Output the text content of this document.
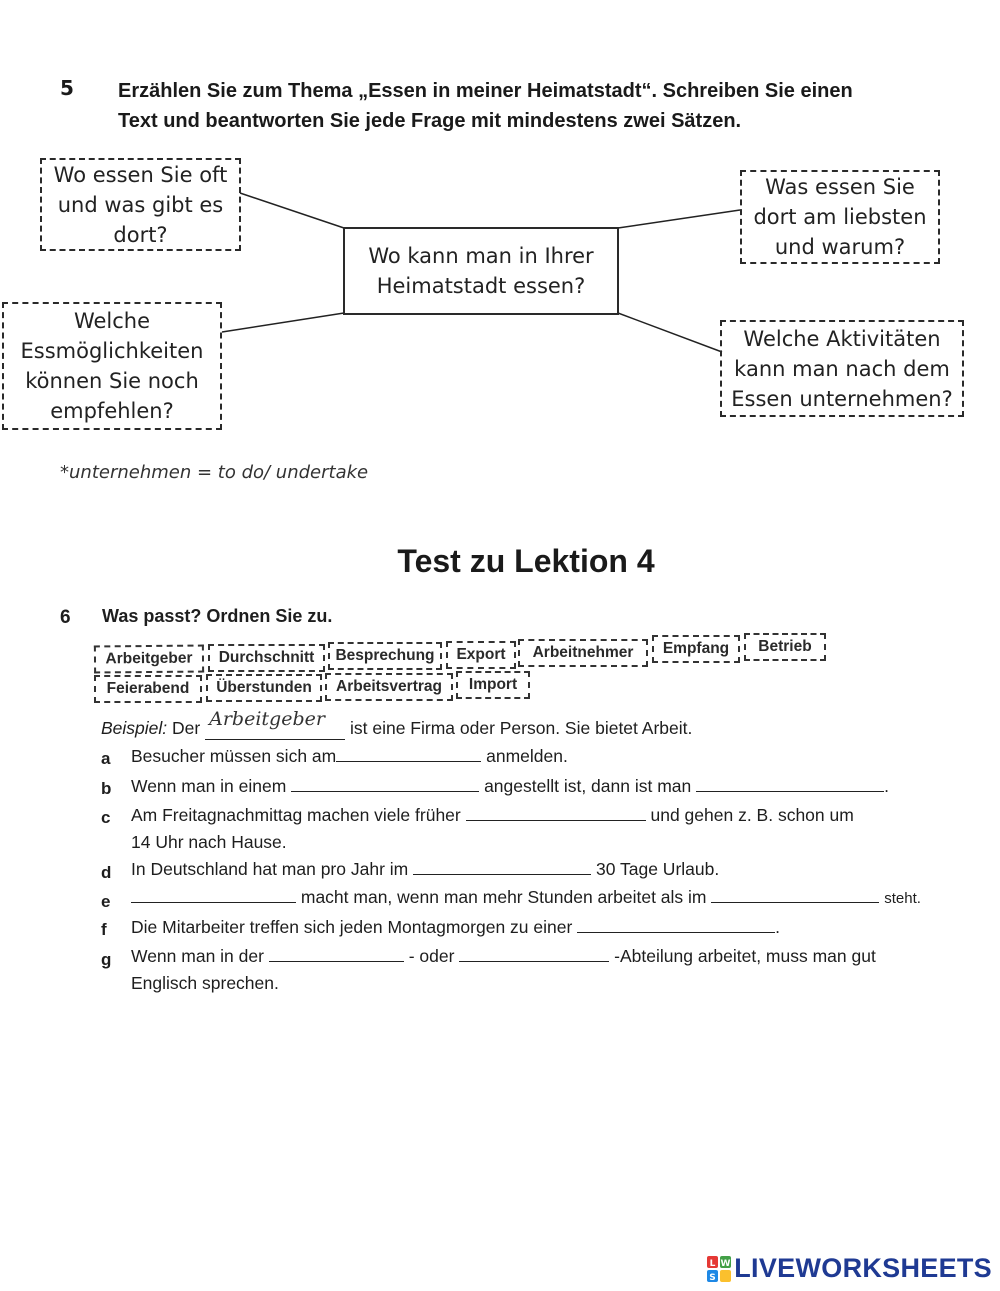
5 Erzählen Sie zum Thema „Essen in meiner Heimatstadt“. Schreiben Sie einen
Text und beantworten Sie jede Frage mit mindestens zwei Sätzen.
Wo kann man in Ihrer
Heimatstadt essen?
Wo essen Sie oft
und was gibt es
dort?
Was essen Sie
dort am liebsten
und warum?
Welche
Essmöglichkeiten
können Sie noch
empfehlen?
Welche Aktivitäten
kann man nach dem
Essen unternehmen?
*unternehmen = to do/ undertake
Test zu Lektion 4
6 Was passt? Ordnen Sie zu.
Arbeitgeber	Durchschnitt	Besprechung	Export	Arbeitnehmer	Empfang	Betrieb
Feierabend	Überstunden	Arbeitsvertrag	Import
Beispiel: Der Arbeitgeber ist eine Firma oder Person. Sie bietet Arbeit.
a Besucher müssen sich am	anmelden.
b Wenn man in einem	angestellt ist, dann ist man	.
c Am Freitagnachmittag machen viele früher	und gehen z. B. schon um
14 Uhr nach Hause.
d In Deutschland hat man pro Jahr im	30 Tage Urlaub.
e	macht man, wenn man mehr Stunden arbeitet als im	steht.
f Die Mitarbeiter treffen sich jeden Montagmorgen zu einer	.
g Wenn man in der	- oder	-Abteilung arbeitet, muss man gut
Englisch sprechen.
L W
S LIVEWORKSHEETS
